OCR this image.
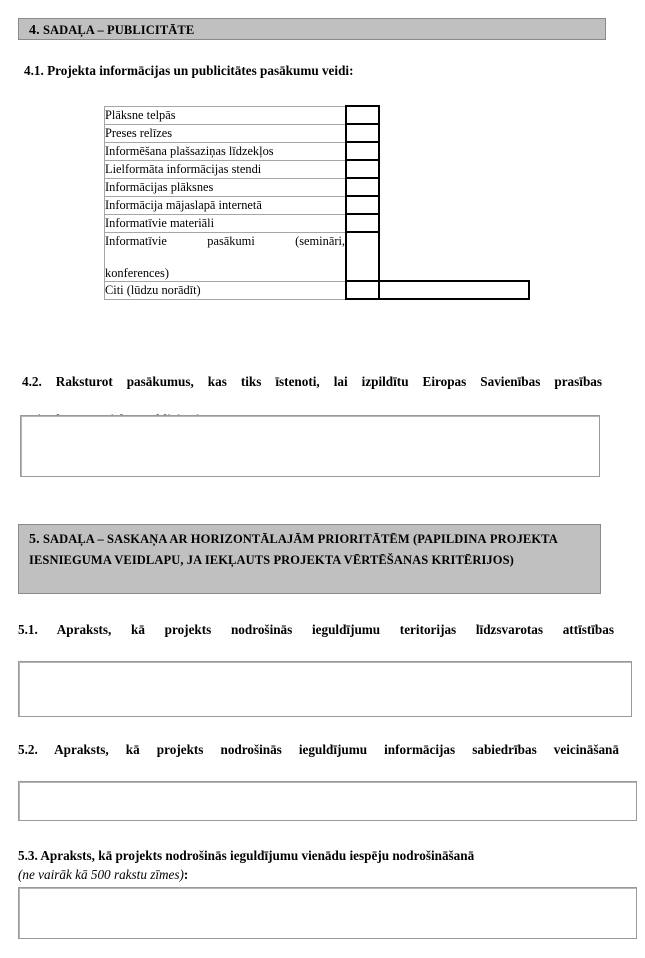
4. SADAĻA – PUBLICITĀTE
4.1. Projekta informācijas un publicitātes pasākumu veidi:
Plāksne telpās		
Preses relīzes		
Informēšana plašsaziņas līdzekļos		
Lielformāta informācijas stendi		
Informācijas plāksnes		
Informācija mājaslapā internetā		
Informatīvie materiāli		

Informatīvie pasākumi (semināri,
konferences)		
Citi (lūdzu norādīt)		
4.2. Raksturot pasākumus, kas tiks īstenoti, lai izpildītu Eiropas Savienības prasības
5. SADAĻA – SASKAŅA AR HORIZONTĀLAJĀM PRIORITĀTĒM (PAPILDINA PROJEKTA IESNIEGUMA VEIDLAPU, JA IEKĻAUTS PROJEKTA VĒRTĒŠANAS KRITĒRIJOS)
5.1. Apraksts, kā projekts nodrošinās ieguldījumu teritorijas līdzsvarotas attīstības
5.2. Apraksts, kā projekts nodrošinās ieguldījumu informācijas sabiedrības veicināšanā
5.3. Apraksts, kā projekts nodrošinās ieguldījumu vienādu iespēju nodrošināšanā
(ne vairāk kā 500 rakstu zīmes):
